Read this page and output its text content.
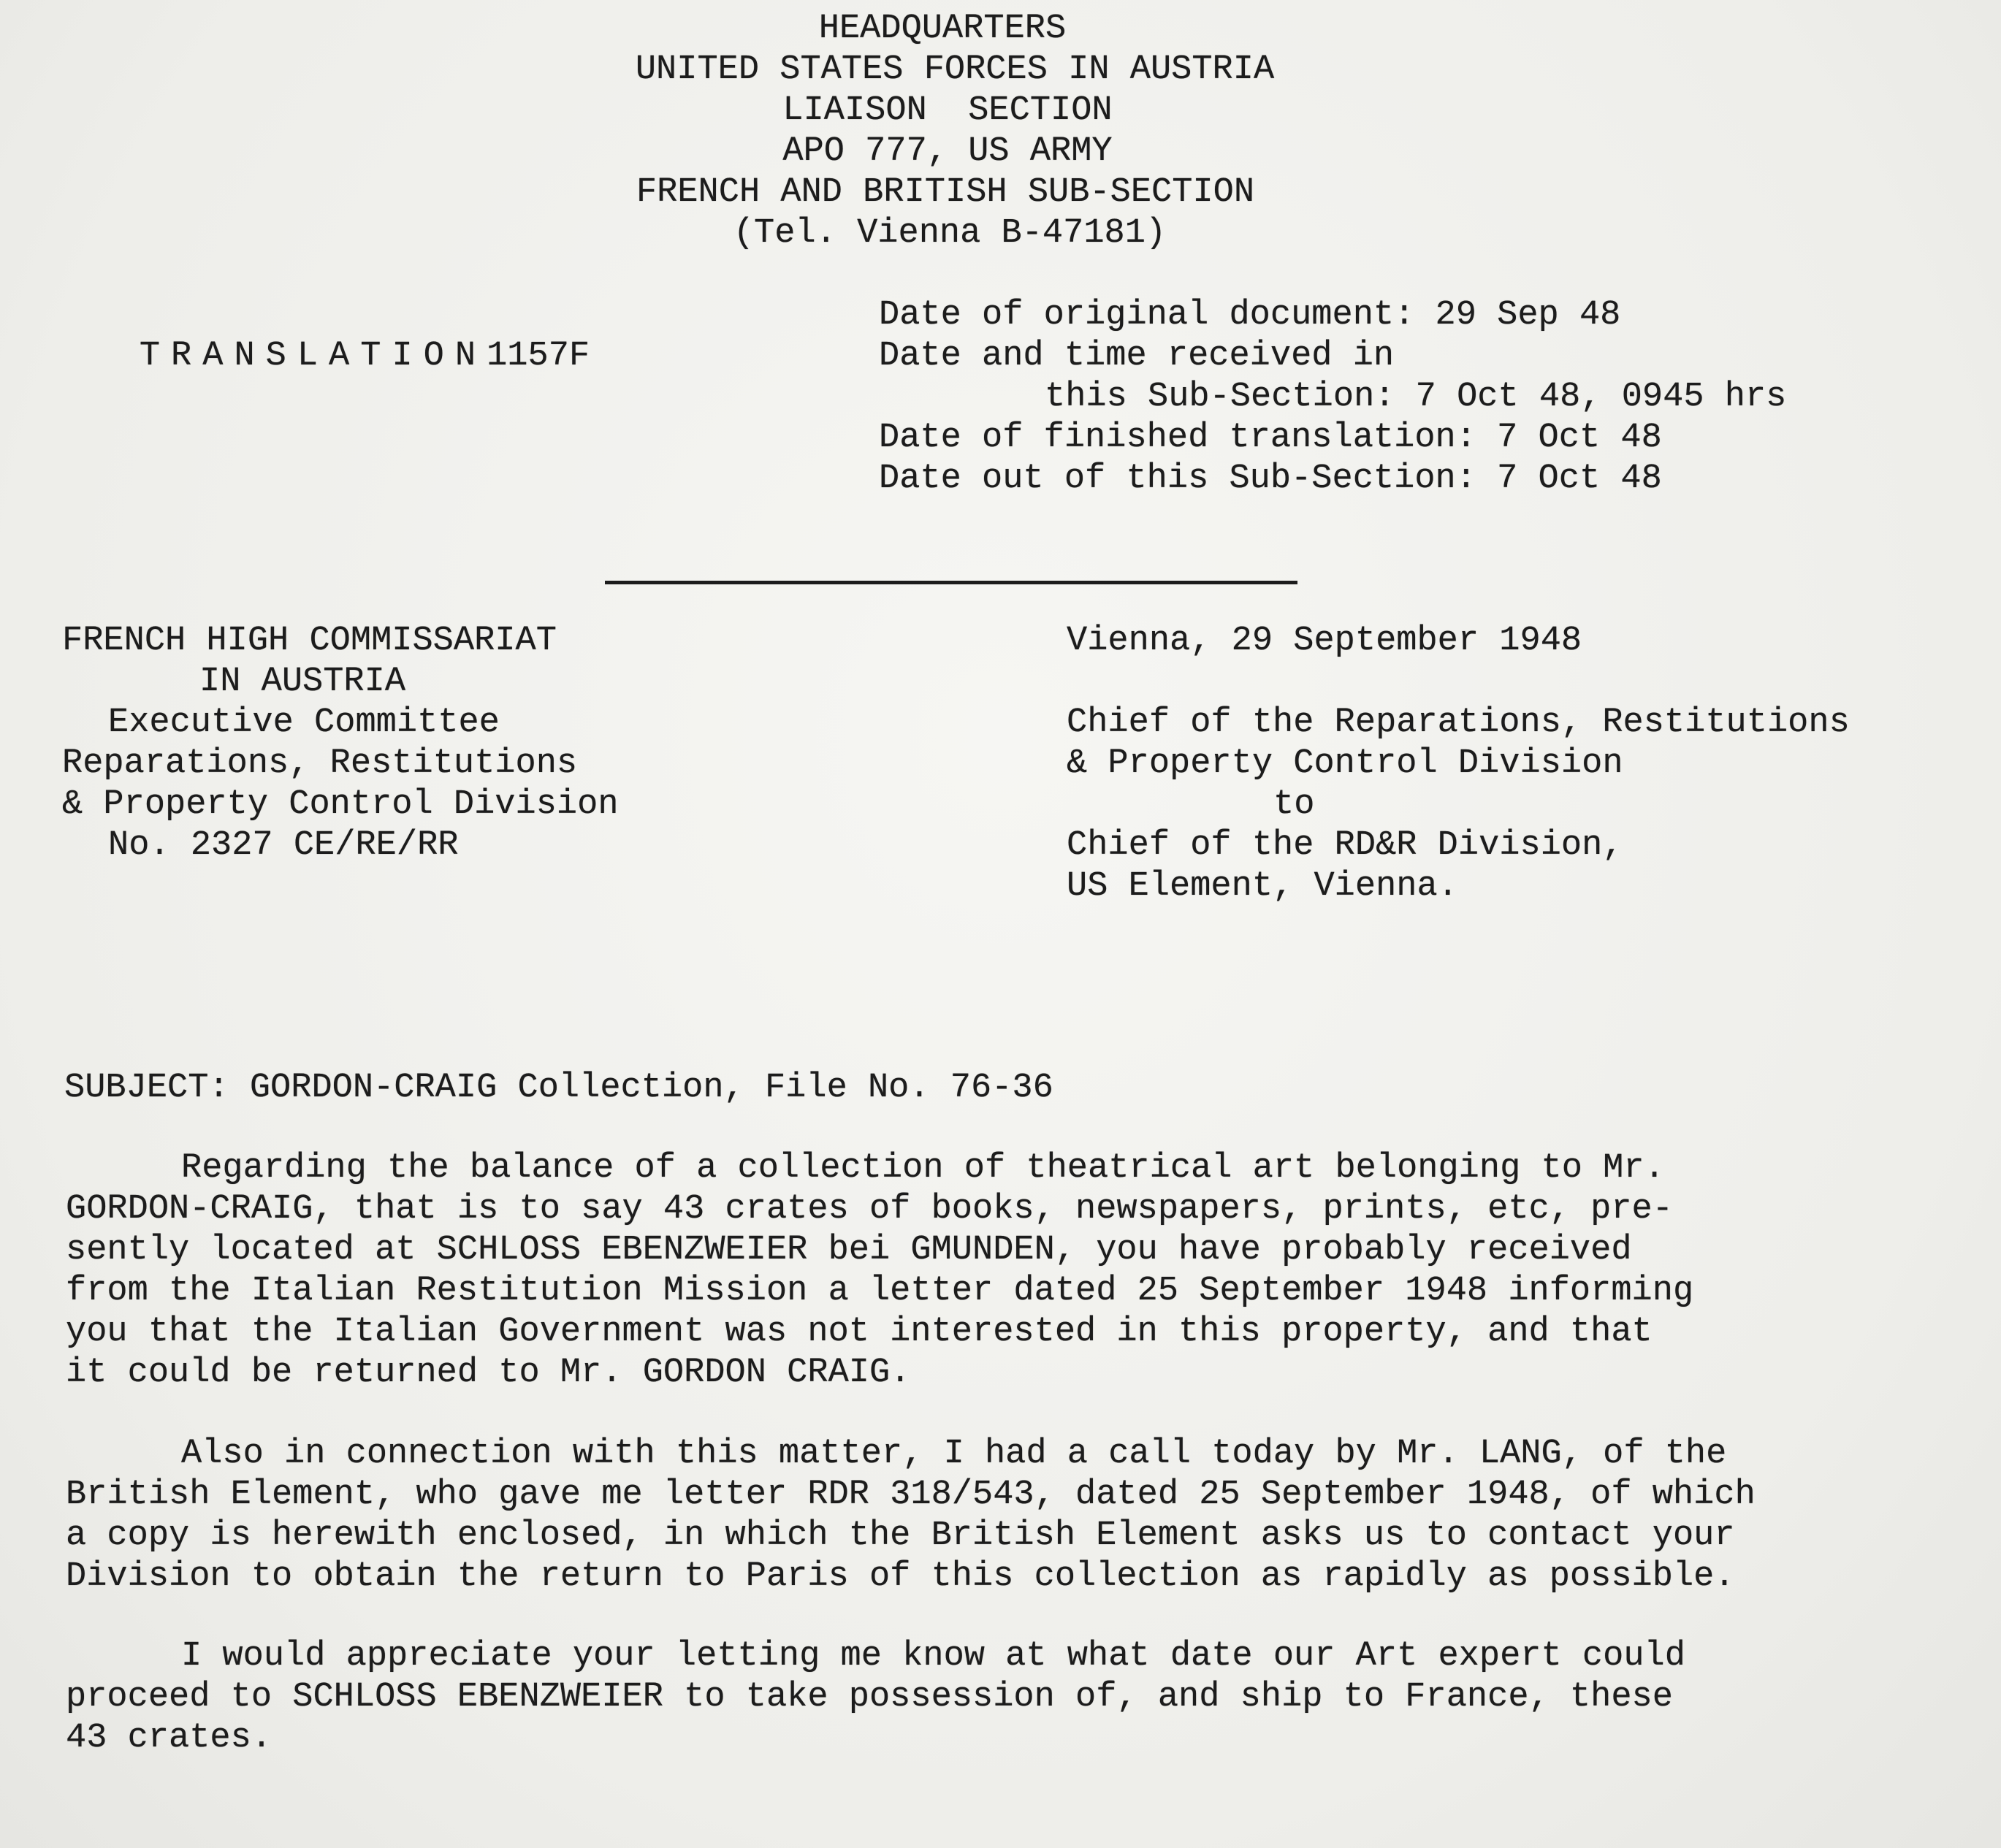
HEADQUARTERS
UNITED STATES FORCES IN AUSTRIA
LIAISON  SECTION
APO 777, US ARMY
FRENCH AND BRITISH SUB-SECTION
(Tel. Vienna B-47181)

TRANSLATION1157F

Date of original document: 29 Sep 48
Date and time received in
this Sub-Section: 7 Oct 48, 0945 hrs
Date of finished translation: 7 Oct 48
Date out of this Sub-Section: 7 Oct 48
FRENCH HIGH COMMISSARIAT
IN AUSTRIA
Executive Committee
Reparations, Restitutions
& Property Control Division
No. 2327 CE/RE/RR
Vienna, 29 September 1948
Chief of the Reparations, Restitutions
& Property Control Division
to
Chief of the RD&R Division,
US Element, Vienna.
SUBJECT: GORDON-CRAIG Collection, File No. 76-36
Regarding the balance of a collection of theatrical art belonging to Mr.
GORDON-CRAIG, that is to say 43 crates of books, newspapers, prints, etc, pre-
sently located at SCHLOSS EBENZWEIER bei GMUNDEN, you have probably received
from the Italian Restitution Mission a letter dated 25 September 1948 informing
you that the Italian Government was not interested in this property, and that
it could be returned to Mr. GORDON CRAIG.
Also in connection with this matter, I had a call today by Mr. LANG, of the
British Element, who gave me letter RDR 318/543, dated 25 September 1948, of which
a copy is herewith enclosed, in which the British Element asks us to contact your
Division to obtain the return to Paris of this collection as rapidly as possible.
I would appreciate your letting me know at what date our Art expert could
proceed to SCHLOSS EBENZWEIER to take possession of, and ship to France, these
43 crates.
